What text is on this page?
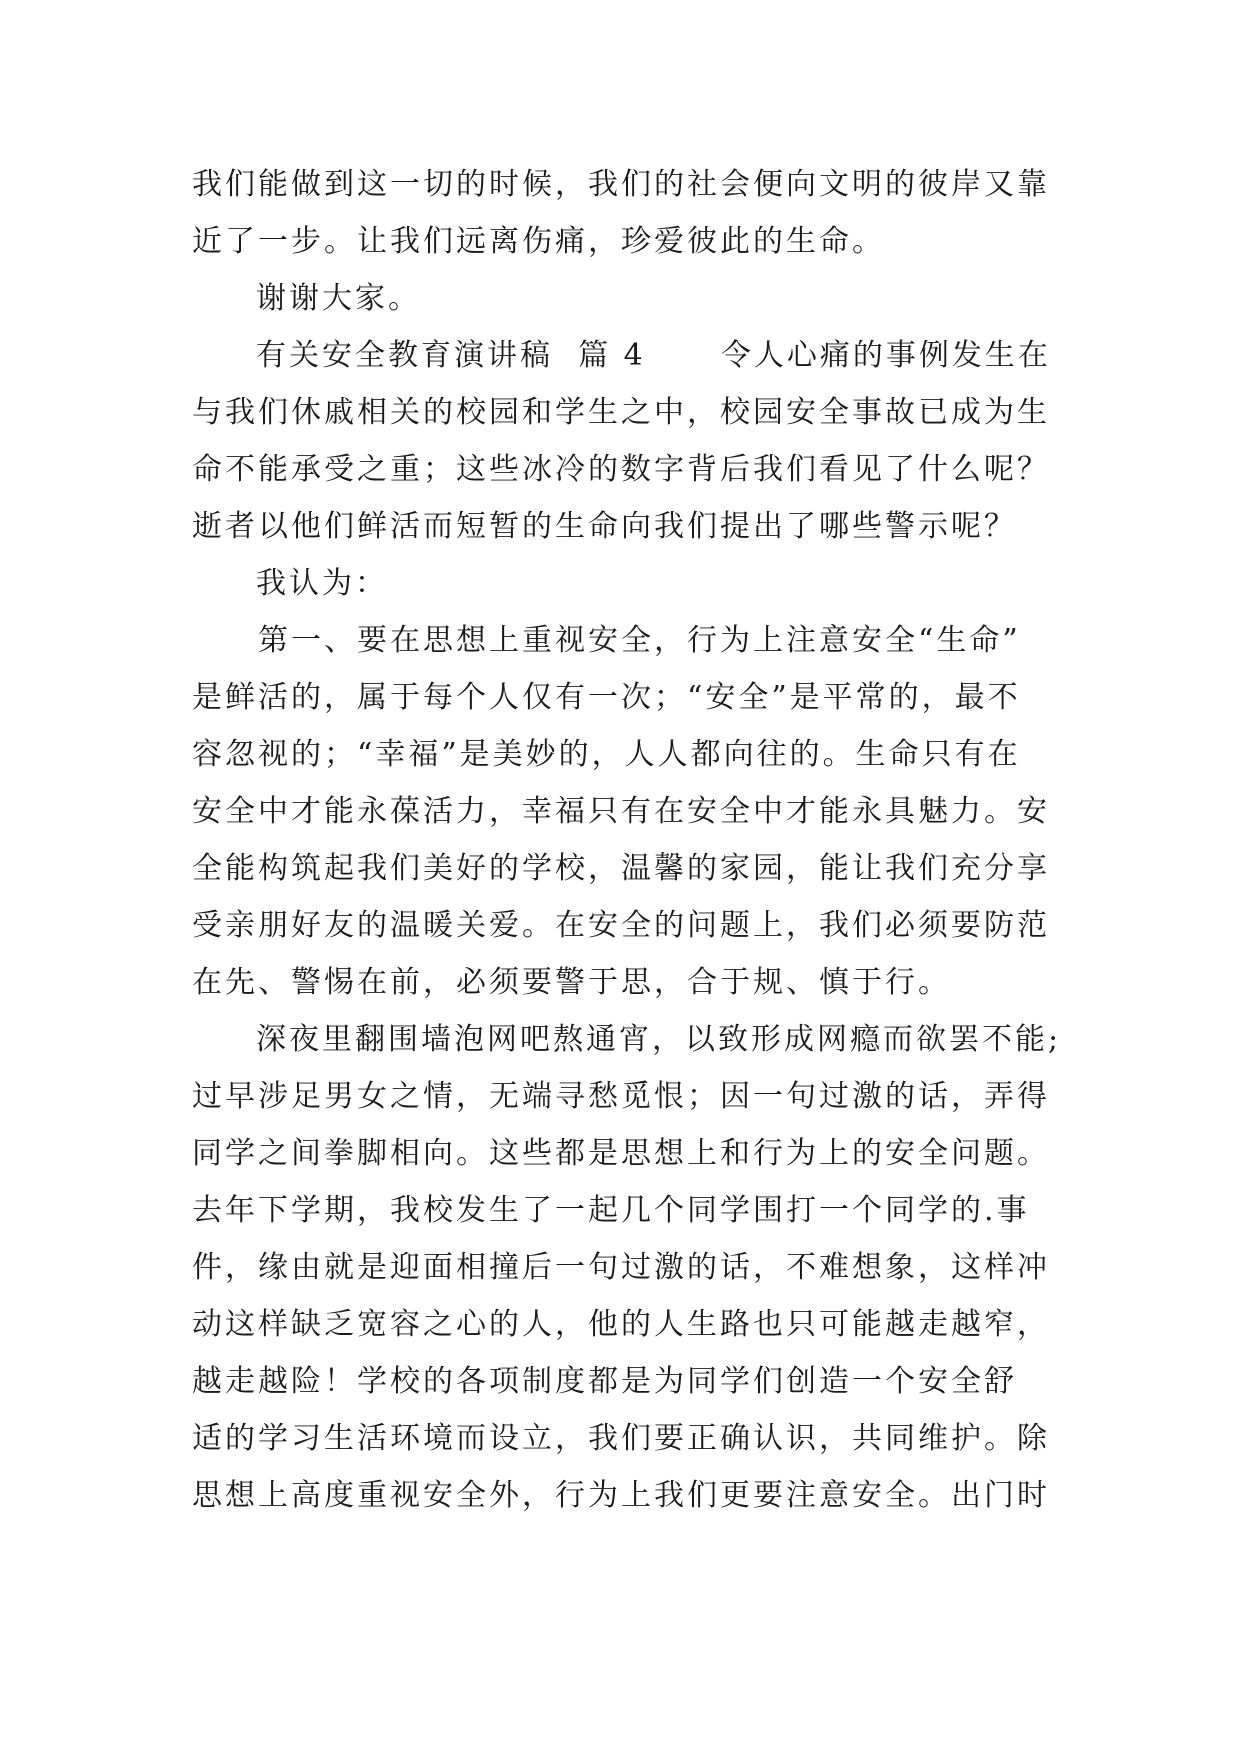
我们能做到这一切的时候，我们的社会便向文明的彼岸又靠
近了一步。让我们远离伤痛，珍爱彼此的生命。
谢谢大家。
有关安全教育演讲稿  篇 4      令人心痛的事例发生在
与我们休戚相关的校园和学生之中，校园安全事故已成为生
命不能承受之重；这些冰冷的数字背后我们看见了什么呢？
逝者以他们鲜活而短暂的生命向我们提出了哪些警示呢？
我认为：
第一、要在思想上重视安全，行为上注意安全“生命”
是鲜活的，属于每个人仅有一次；“安全”是平常的，最不
容忽视的；“幸福”是美妙的，人人都向往的。生命只有在
安全中才能永葆活力，幸福只有在安全中才能永具魅力。安
全能构筑起我们美好的学校，温馨的家园，能让我们充分享
受亲朋好友的温暖关爱。在安全的问题上，我们必须要防范
在先、警惕在前，必须要警于思，合于规、慎于行。
深夜里翻围墙泡网吧熬通宵，以致形成网瘾而欲罢不能;
过早涉足男女之情，无端寻愁觅恨；因一句过激的话，弄得
同学之间拳脚相向。这些都是思想上和行为上的安全问题。
去年下学期，我校发生了一起几个同学围打一个同学的.事
件，缘由就是迎面相撞后一句过激的话，不难想象，这样冲
动这样缺乏宽容之心的人，他的人生路也只可能越走越窄，
越走越险！学校的各项制度都是为同学们创造一个安全舒
适的学习生活环境而设立，我们要正确认识，共同维护。除
思想上高度重视安全外，行为上我们更要注意安全。出门时
